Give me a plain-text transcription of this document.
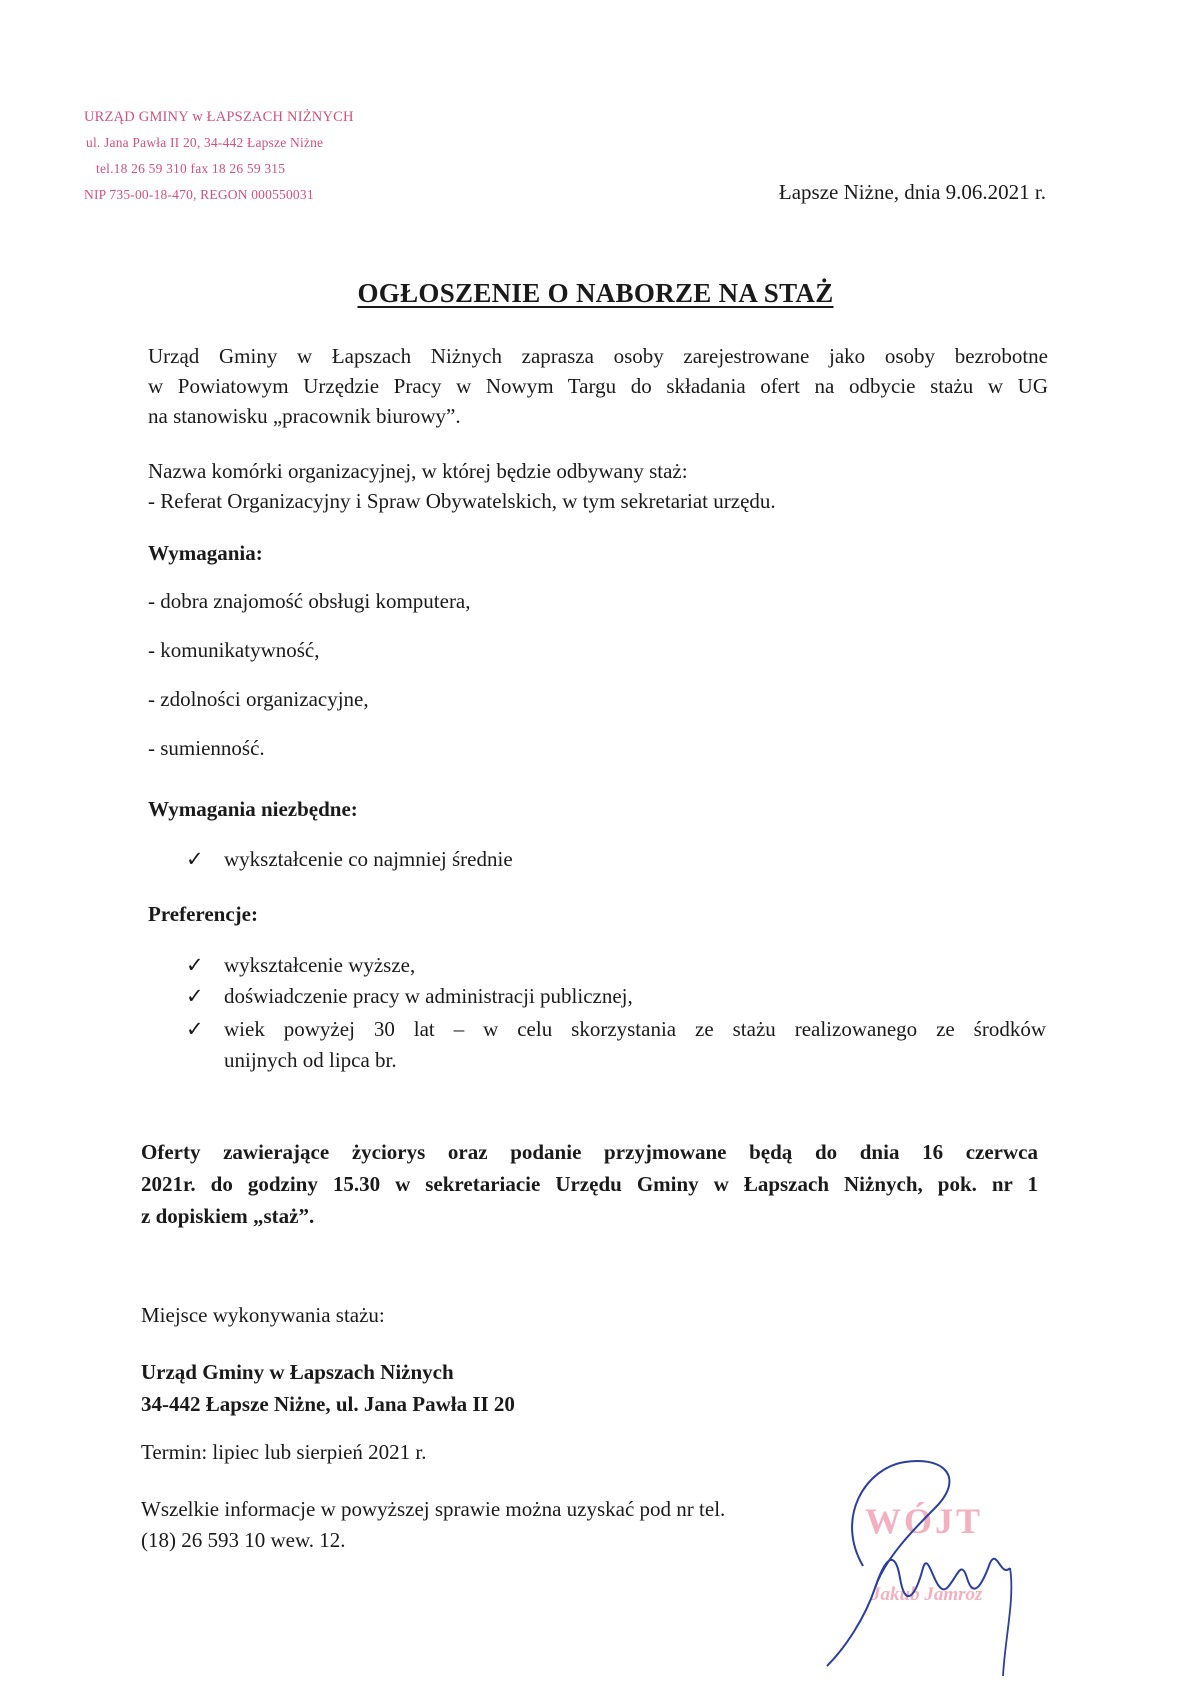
URZĄD GMINY w ŁAPSZACH NIŻNYCH
ul. Jana Pawła II 20, 34-442 Łapsze Niżne
tel.18 26 59 310 fax 18 26 59 315
NIP 735-00-18-470, REGON 000550031	Łapsze Niżne, dnia 9.06.2021 r.
OGŁOSZENIE O NABORZE NA STAŻ
Urząd Gminy w Łapszach Niżnych zaprasza osoby zarejestrowane jako osoby bezrobotne
w Powiatowym Urzędzie Pracy w Nowym Targu do składania ofert na odbycie stażu w UG
na stanowisku „pracownik biurowy”.
Nazwa komórki organizacyjnej, w której będzie odbywany staż:
- Referat Organizacyjny i Spraw Obywatelskich, w tym sekretariat urzędu.
Wymagania:
- dobra znajomość obsługi komputera,
- komunikatywność,
- zdolności organizacyjne,
- sumienność.
Wymagania niezbędne:
✓ wykształcenie co najmniej średnie
Preferencje:
✓ wykształcenie wyższe,
✓ doświadczenie pracy w administracji publicznej,
✓ wiek powyżej 30 lat – w celu skorzystania ze stażu realizowanego ze środków
unijnych od lipca br.
Oferty zawierające życiorys oraz podanie przyjmowane będą do dnia 16 czerwca
2021r. do godziny 15.30 w sekretariacie Urzędu Gminy w Łapszach Niżnych, pok. nr 1
z dopiskiem „staż”.
Miejsce wykonywania stażu:
Urząd Gminy w Łapszach Niżnych
34-442 Łapsze Niżne, ul. Jana Pawła II 20
Termin: lipiec lub sierpień 2021 r.
Wszelkie informacje w powyższej sprawie można uzyskać pod nr tel.
(18) 26 593 10 wew. 12.	WÓJT
Jakub Jamróz
